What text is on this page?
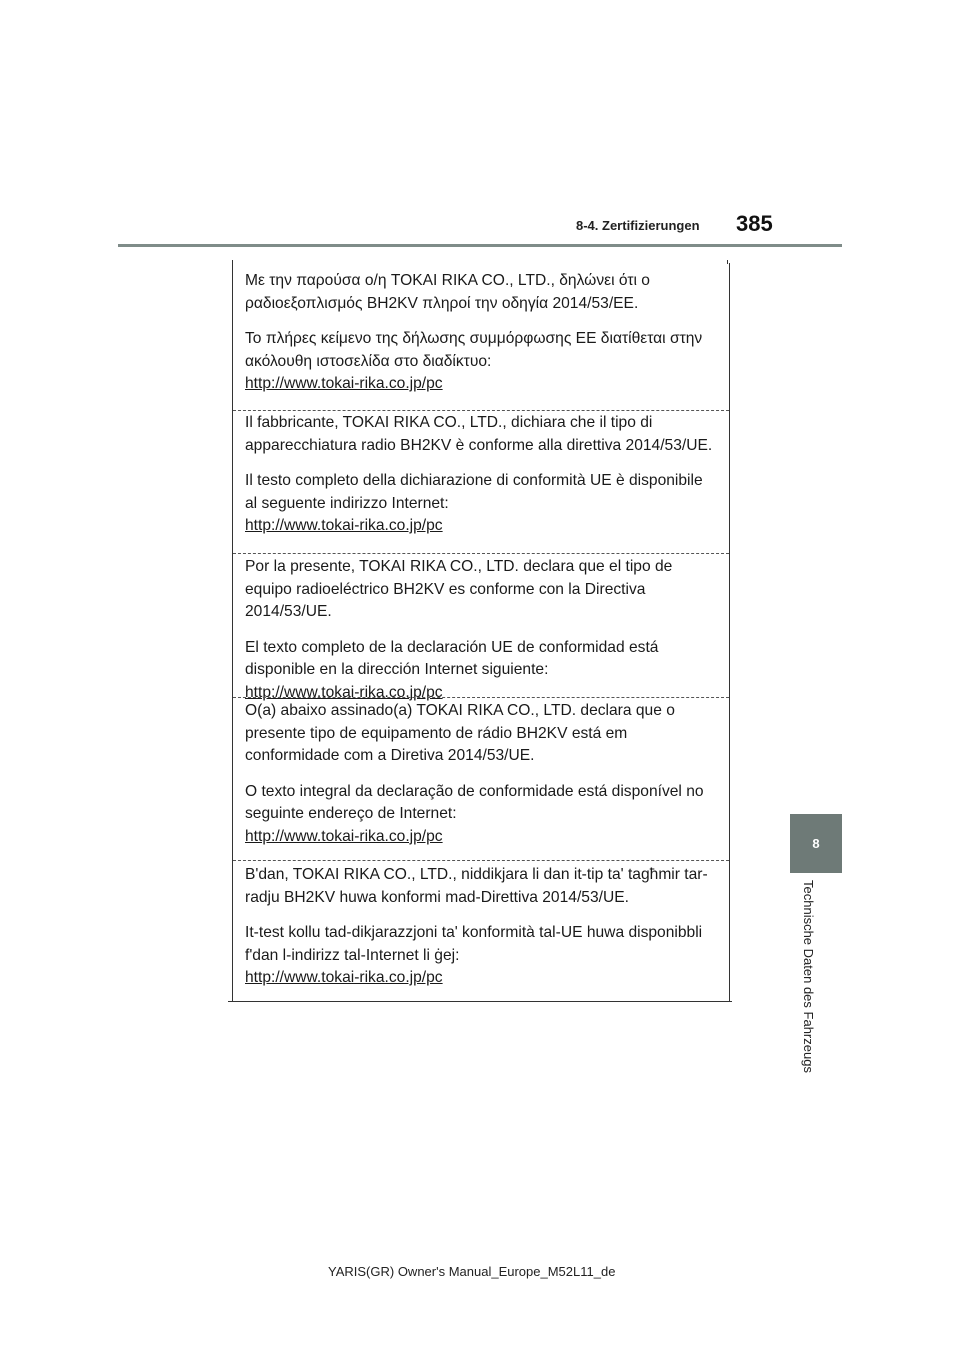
8-4. Zertifizierungen 385
8
Technische Daten des Fahrzeugs

Με την παρούσα ο/η TOKAI RIKA CO., LTD., δηλώνει ότι ο ραδιοεξοπλισμός BH2KV πληροί την οδηγία 2014/53/ΕΕ.

Το πλήρες κείμενο της δήλωσης συμμόρφωσης ΕΕ διατίθεται στην ακόλουθη ιστοσελίδα στο διαδίκτυο:

http://www.tokai-rika.co.jp/pc

Il fabbricante, TOKAI RIKA CO., LTD., dichiara che il tipo di apparecchiatura radio BH2KV è conforme alla direttiva 2014/53/UE.

Il testo completo della dichiarazione di conformità UE è disponibile al seguente indirizzo Internet:

http://www.tokai-rika.co.jp/pc

Por la presente, TOKAI RIKA CO., LTD. declara que el tipo de equipo radioeléctrico BH2KV es conforme con la Directiva 2014/53/UE.

El texto completo de la declaración UE de conformidad está disponible en la dirección Internet siguiente:

http://www.tokai-rika.co.jp/pc

O(a) abaixo assinado(a) TOKAI RIKA CO., LTD. declara que o presente tipo de equipamento de rádio BH2KV está em conformidade com a Diretiva 2014/53/UE.

O texto integral da declaração de conformidade está disponível no seguinte endereço de Internet:

http://www.tokai-rika.co.jp/pc

B'dan, TOKAI RIKA CO., LTD., niddikjara li dan it-tip ta' tagħmir tar-radju BH2KV huwa konformi mad-Direttiva 2014/53/UE.

It-test kollu tad-dikjarazzjoni ta' konformità tal-UE huwa disponibbli f'dan l-indirizz tal-Internet li ġej:

http://www.tokai-rika.co.jp/pc

YARIS(GR) Owner's Manual_Europe_M52L11_de
